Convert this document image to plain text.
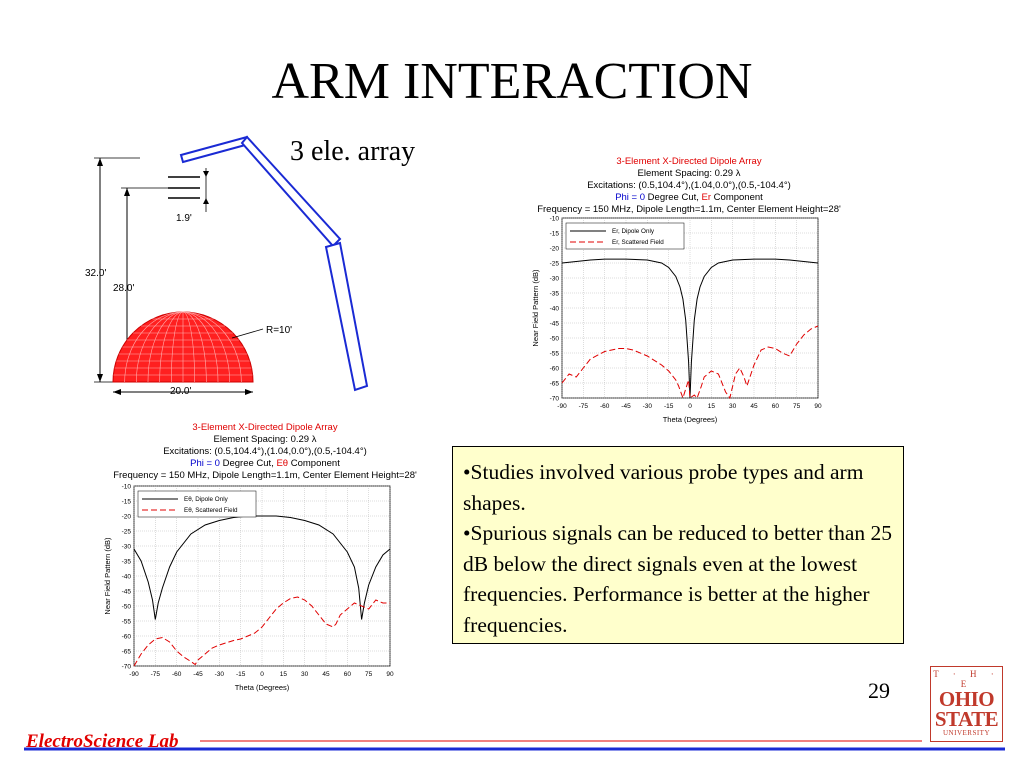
ARM INTERACTION
3 ele. array
32.0'
28.0'
1.9'
20.0'
R=10'
3-Element X-Directed Dipole Array
Element Spacing: 0.29 λ
Excitations: (0.5,104.4°),(1.04,0.0°),(0.5,-104.4°)
Phi = 0 Degree Cut, Er Component
Frequency = 150 MHz, Dipole Length=1.1m, Center Element Height=28'
-90 -75 -60 -45 -30 -15 0 15 30 45 60 75 90
-10
-15
-20
-25
-30
-35
-40
-45
-50
-55
-60
-65
-70
Theta (Degrees)
Near Field Pattern (dB)
Er, Dipole Only
Er, Scattered Field
3-Element X-Directed Dipole Array
Element Spacing: 0.29 λ
Excitations: (0.5,104.4°),(1.04,0.0°),(0.5,-104.4°)
Phi = 0 Degree Cut, Eθ Component
Frequency = 150 MHz, Dipole Length=1.1m, Center Element Height=28'
-90 -75 -60 -45 -30 -15 0 15 30 45 60 75 90
-10
-15
-20
-25
-30
-35
-40
-45
-50
-55
-60
-65
-70
Theta (Degrees)
Near Field Pattern (dB)
Eθ, Dipole Only
Eθ, Scattered Field

•Studies involved various probe types and arm shapes.

•Spurious signals can be reduced to better than 25 dB below the direct signals even at the lowest frequencies. Performance is better at the higher frequencies.

29
ElectroScience Lab
T · H · E
OHIO
STATE
UNIVERSITY
